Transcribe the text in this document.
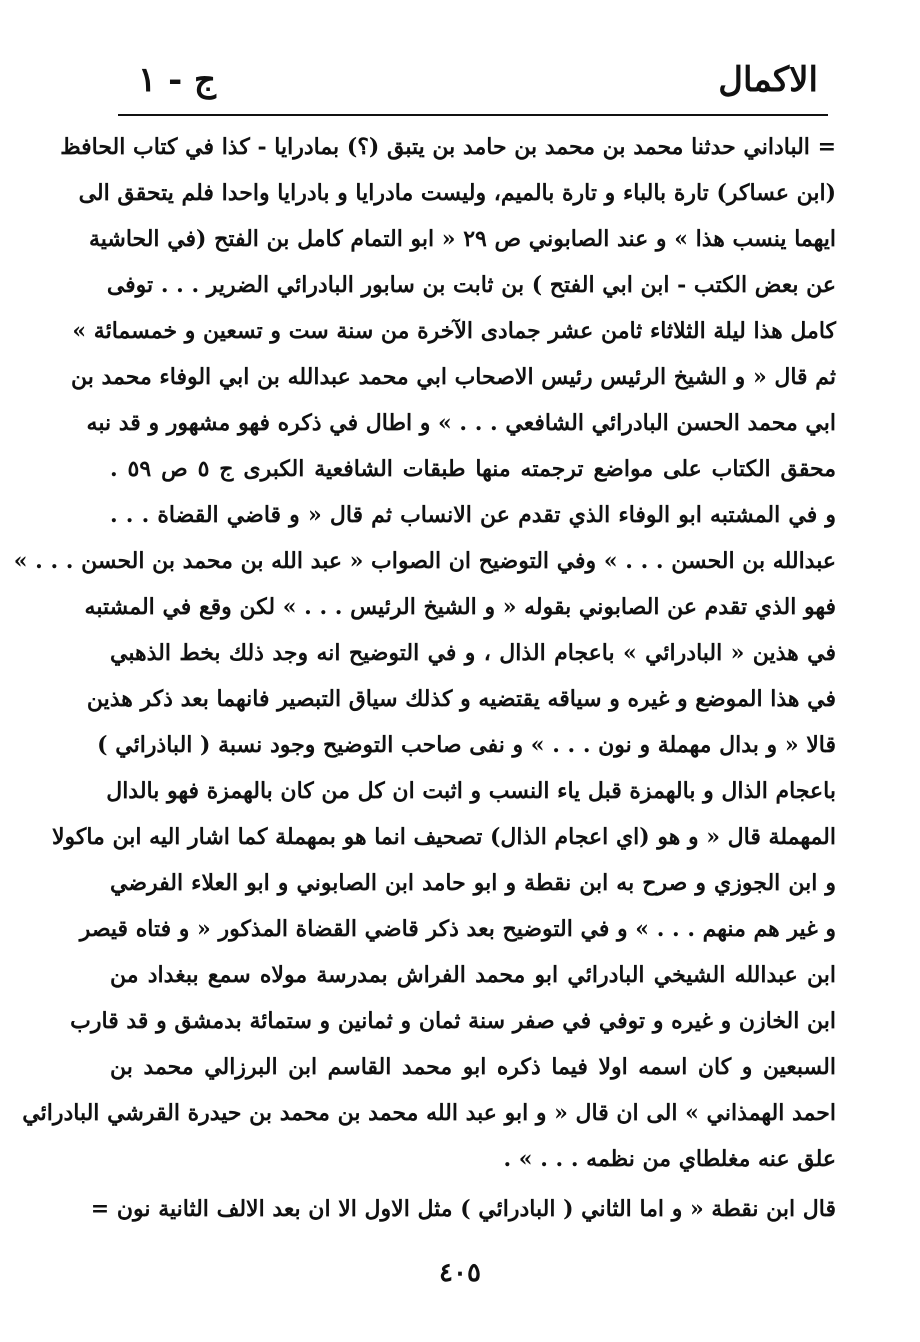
الاكمال
ج - ١
= الباداني حدثنا محمد بن محمد بن حامد بن يتبق (؟) بمادرايا - كذا في كتاب الحافظ
(ابن عساكر) تارة بالباء و تارة بالميم، وليست مادرايا و بادرايا واحدا فلم يتحقق الى
ايهما ينسب هذا » و عند الصابوني ص ٢٩ « ابو التمام كامل بن الفتح (في الحاشية
عن بعض الكتب - ابن ابي الفتح ) بن ثابت بن سابور البادرائي الضرير . . . توفى
كامل هذا ليلة الثلاثاء ثامن عشر جمادى الآخرة من سنة ست و تسعين و خمسمائة »
ثم قال « و الشيخ الرئيس رئيس الاصحاب ابي محمد عبدالله بن ابي الوفاء محمد بن
ابي محمد الحسن البادرائي الشافعي . . . » و اطال في ذكره فهو مشهور و قد نبه
محقق الكتاب على مواضع ترجمته منها طبقات الشافعية الكبرى ج ٥ ص ٥٩ .
و في المشتبه ابو الوفاء الذي تقدم عن الانساب ثم قال « و قاضي القضاة . . .
عبدالله بن الحسن . . . » وفي التوضيح ان الصواب « عبد الله بن محمد بن الحسن . . . »
فهو الذي تقدم عن الصابوني بقوله « و الشيخ الرئيس . . . » لكن وقع في المشتبه
في هذين « البادرائي » باعجام الذال ، و في التوضيح انه وجد ذلك بخط الذهبي
في هذا الموضع و غيره و سياقه يقتضيه و كذلك سياق التبصير فانهما بعد ذكر هذين
قالا « و بدال مهملة و نون . . . » و نفى صاحب التوضيح وجود نسبة ( الباذرائي )
باعجام الذال و بالهمزة قبل ياء النسب و اثبت ان كل من كان بالهمزة فهو بالدال
المهملة قال « و هو (اي اعجام الذال) تصحيف انما هو بمهملة كما اشار اليه ابن ماكولا
و ابن الجوزي و صرح به ابن نقطة و ابو حامد ابن الصابوني و ابو العلاء الفرضي
و غير هم منهم . . . » و في التوضيح بعد ذكر قاضي القضاة المذكور « و فتاه قيصر
ابن عبدالله الشيخي البادرائي ابو محمد الفراش بمدرسة مولاه سمع ببغداد من
ابن الخازن و غيره و توفي في صفر سنة ثمان و ثمانين و ستمائة بدمشق و قد قارب
السبعين و كان اسمه اولا فيما ذكره ابو محمد القاسم ابن البرزالي محمد بن
احمد الهمذاني » الى ان قال « و ابو عبد الله محمد بن محمد بن حيدرة القرشي البادرائي
علق عنه مغلطاي من نظمه . . . » .
قال ابن نقطة « و اما الثاني ( البادرائي ) مثل الاول الا ان بعد الالف الثانية نون =
٤٠٥
